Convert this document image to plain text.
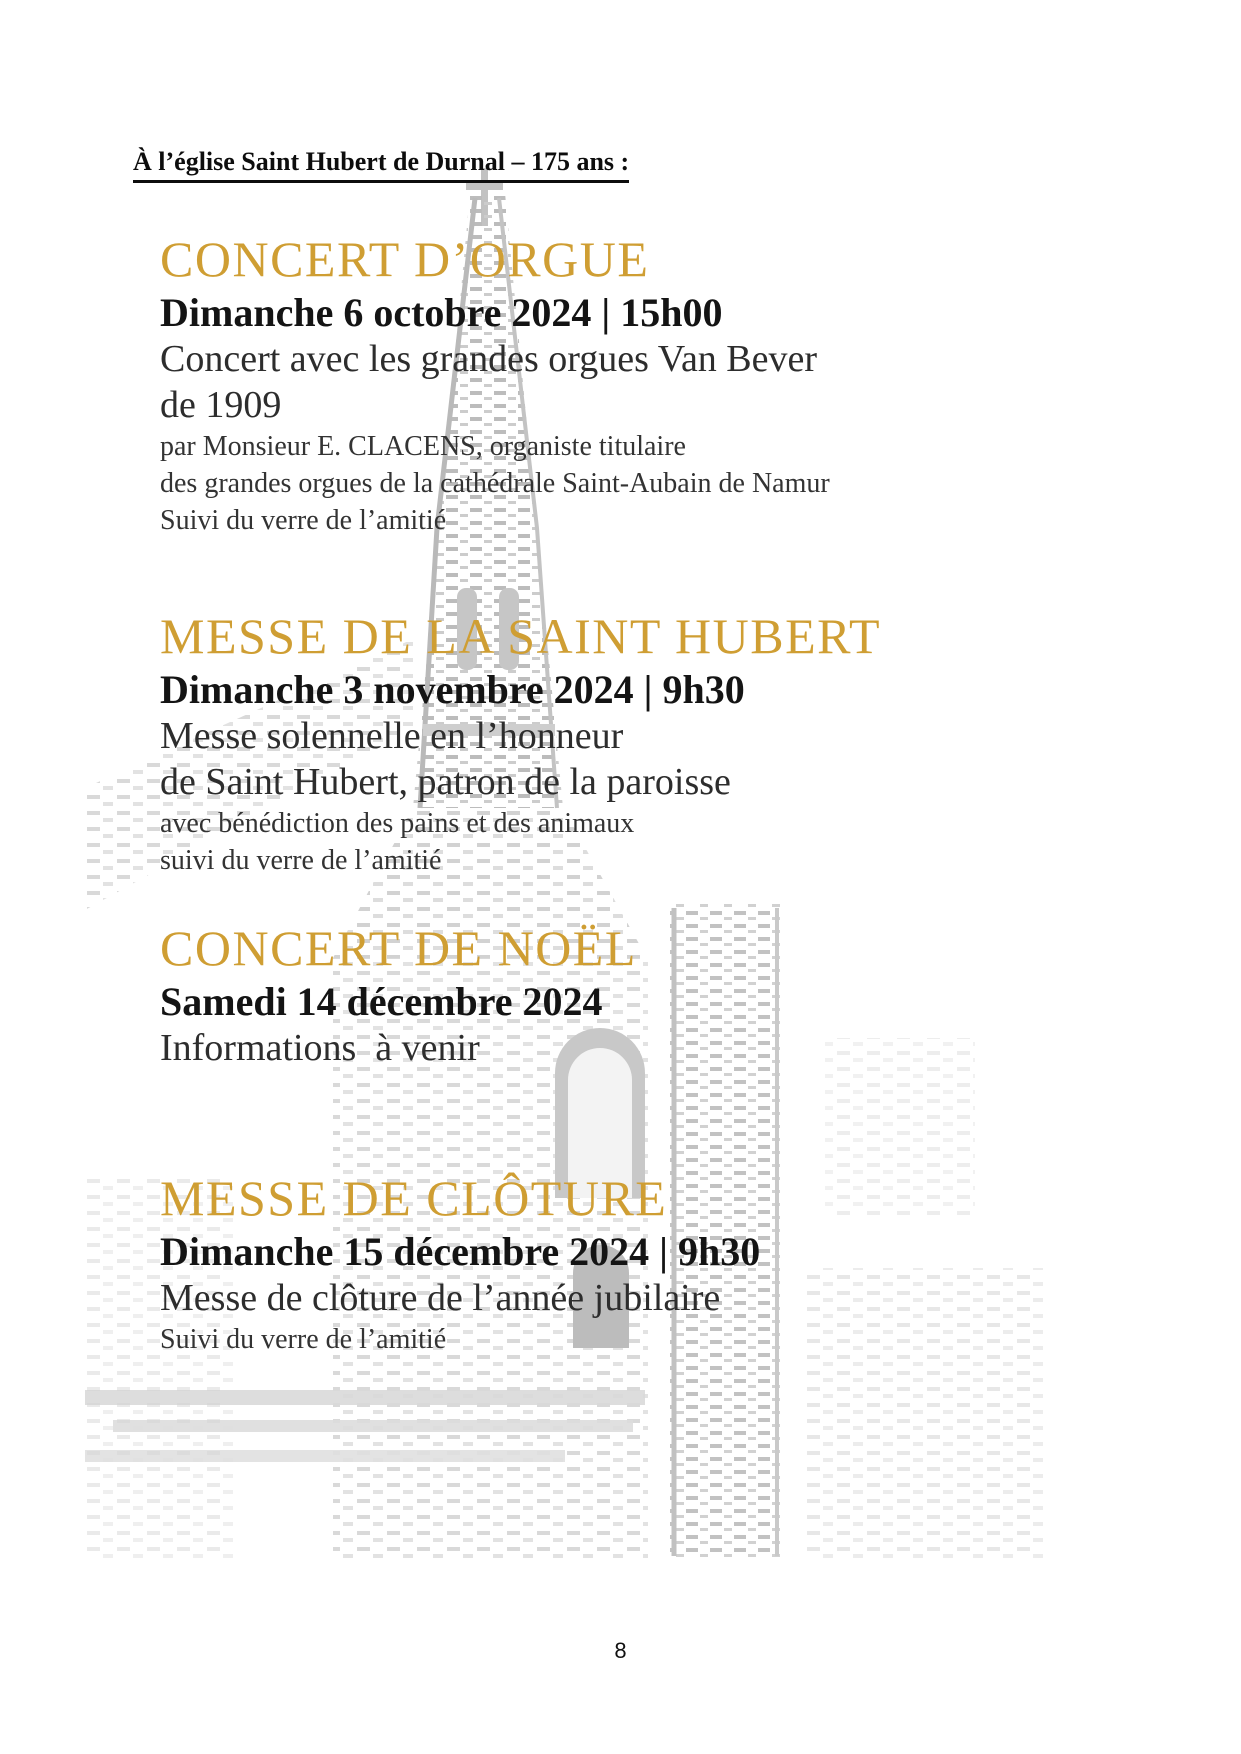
À l’église Saint Hubert de Durnal – 175 ans :
CONCERT D’ORGUE
Dimanche 6 octobre 2024 | 15h00
Concert avec les grandes orgues Van Bever
de 1909
par Monsieur E. CLACENS, organiste titulaire
des grandes orgues de la cathédrale Saint-Aubain de Namur
Suivi du verre de l’amitié
MESSE DE LA SAINT HUBERT
Dimanche 3 novembre 2024 | 9h30
Messe solennelle en l’honneur
de Saint Hubert, patron de la paroisse
avec bénédiction des pains et des animaux
suivi du verre de l’amitié
CONCERT DE NOËL
Samedi 14 décembre 2024
Informations  à venir
MESSE DE CLÔTURE
Dimanche 15 décembre 2024 | 9h30
Messe de clôture de l’année jubilaire
Suivi du verre de l’amitié
8
